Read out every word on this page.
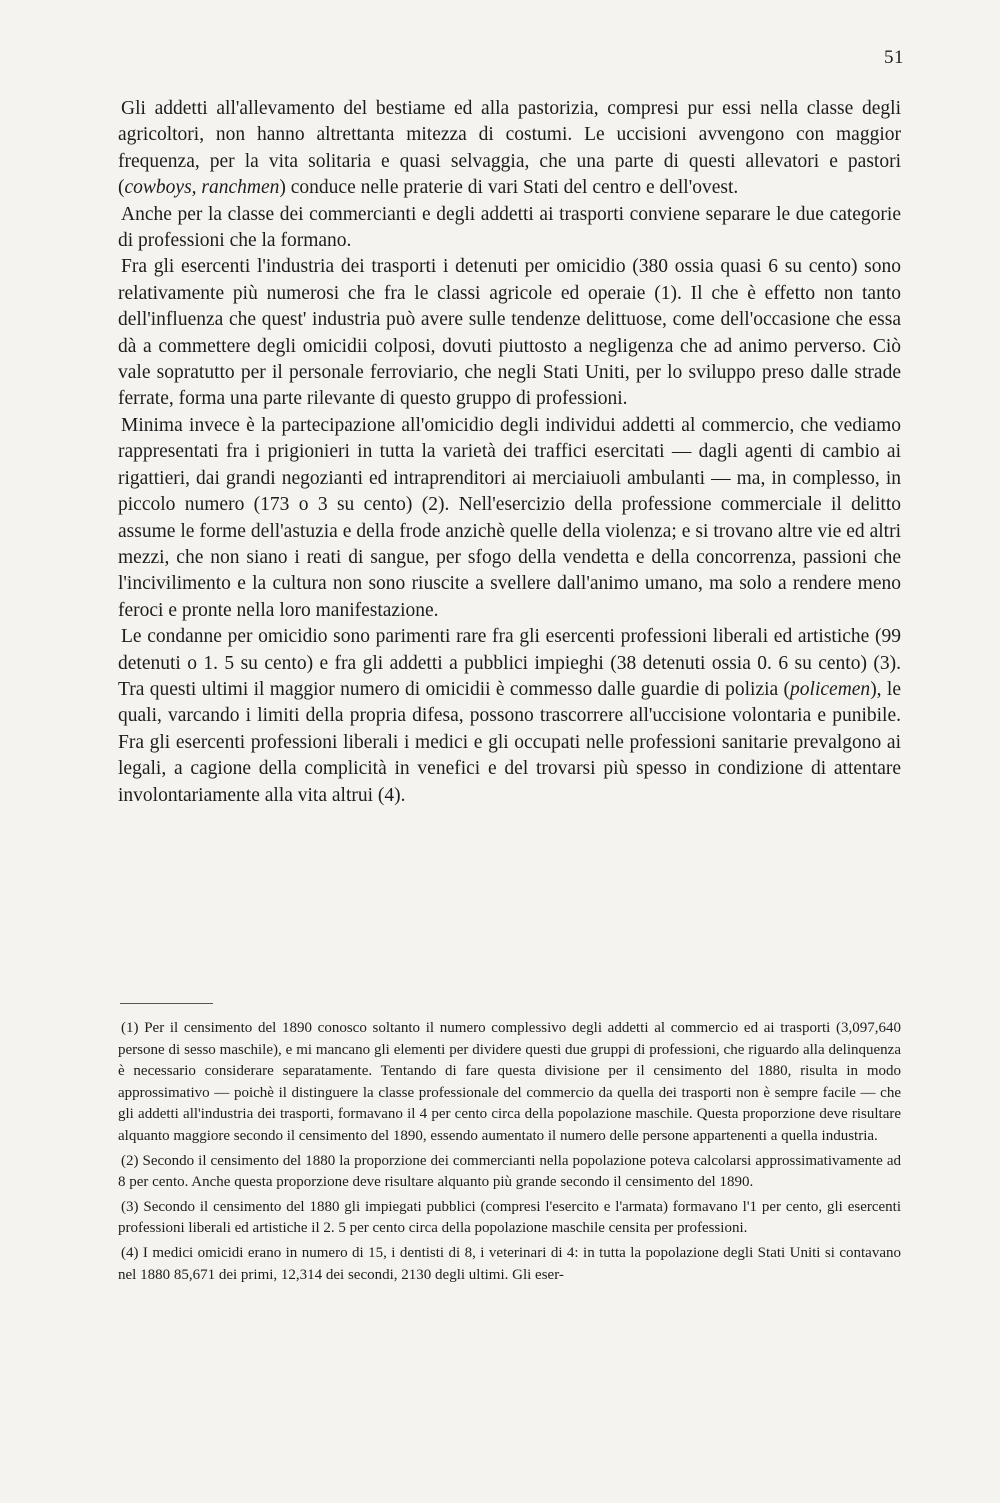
51

Gli addetti all'allevamento del bestiame ed alla pastorizia, compresi pur essi nella classe degli agricoltori, non hanno altrettanta mitezza di costumi. Le uccisioni avvengono con maggior frequenza, per la vita solitaria e quasi selvaggia, che una parte di questi allevatori e pastori (cowboys, ranchmen) conduce nelle praterie di vari Stati del centro e dell'ovest.

Anche per la classe dei commercianti e degli addetti ai trasporti conviene separare le due categorie di professioni che la formano.

Fra gli esercenti l'industria dei trasporti i detenuti per omicidio (380 ossia quasi 6 su cento) sono relativamente più numerosi che fra le classi agricole ed operaie (1). Il che è effetto non tanto dell'influenza che quest' industria può avere sulle tendenze delittuose, come dell'occasione che essa dà a commettere degli omicidii colposi, dovuti piuttosto a negligenza che ad animo perverso. Ciò vale sopratutto per il personale ferroviario, che negli Stati Uniti, per lo sviluppo preso dalle strade ferrate, forma una parte rilevante di questo gruppo di professioni.

Minima invece è la partecipazione all'omicidio degli individui addetti al commercio, che vediamo rappresentati fra i prigionieri in tutta la varietà dei traffici esercitati — dagli agenti di cambio ai rigattieri, dai grandi negozianti ed intraprenditori ai merciaiuoli ambulanti — ma, in complesso, in piccolo numero (173 o 3 su cento) (2). Nell'esercizio della professione commerciale il delitto assume le forme dell'astuzia e della frode anzichè quelle della violenza; e si trovano altre vie ed altri mezzi, che non siano i reati di sangue, per sfogo della vendetta e della concorrenza, passioni che l'incivilimento e la cultura non sono riuscite a svellere dall'animo umano, ma solo a rendere meno feroci e pronte nella loro manifestazione.

Le condanne per omicidio sono parimenti rare fra gli esercenti professioni liberali ed artistiche (99 detenuti o 1. 5 su cento) e fra gli addetti a pubblici impieghi (38 detenuti ossia 0. 6 su cento) (3). Tra questi ultimi il maggior numero di omicidii è commesso dalle guardie di polizia (policemen), le quali, varcando i limiti della propria difesa, possono trascorrere all'uccisione volontaria e punibile. Fra gli esercenti professioni liberali i medici e gli occupati nelle professioni sanitarie prevalgono ai legali, a cagione della complicità in venefici e del trovarsi più spesso in condizione di attentare involontariamente alla vita altrui (4).

(1) Per il censimento del 1890 conosco soltanto il numero complessivo degli addetti al commercio ed ai trasporti (3,097,640 persone di sesso maschile), e mi mancano gli elementi per dividere questi due gruppi di professioni, che riguardo alla delinquenza è necessario considerare separatamente. Tentando di fare questa divisione per il censimento del 1880, risulta in modo approssimativo — poichè il distinguere la classe professionale del commercio da quella dei trasporti non è sempre facile — che gli addetti all'industria dei trasporti, formavano il 4 per cento circa della popolazione maschile. Questa proporzione deve risultare alquanto maggiore secondo il censimento del 1890, essendo aumentato il numero delle persone appartenenti a quella industria.

(2) Secondo il censimento del 1880 la proporzione dei commercianti nella popolazione poteva calcolarsi approssimativamente ad 8 per cento. Anche questa proporzione deve risultare alquanto più grande secondo il censimento del 1890.

(3) Secondo il censimento del 1880 gli impiegati pubblici (compresi l'esercito e l'armata) formavano l'1 per cento, gli esercenti professioni liberali ed artistiche il 2. 5 per cento circa della popolazione maschile censita per professioni.

(4) I medici omicidi erano in numero di 15, i dentisti di 8, i veterinari di 4: in tutta la popolazione degli Stati Uniti si contavano nel 1880 85,671 dei primi, 12,314 dei secondi, 2130 degli ultimi. Gli eser-
